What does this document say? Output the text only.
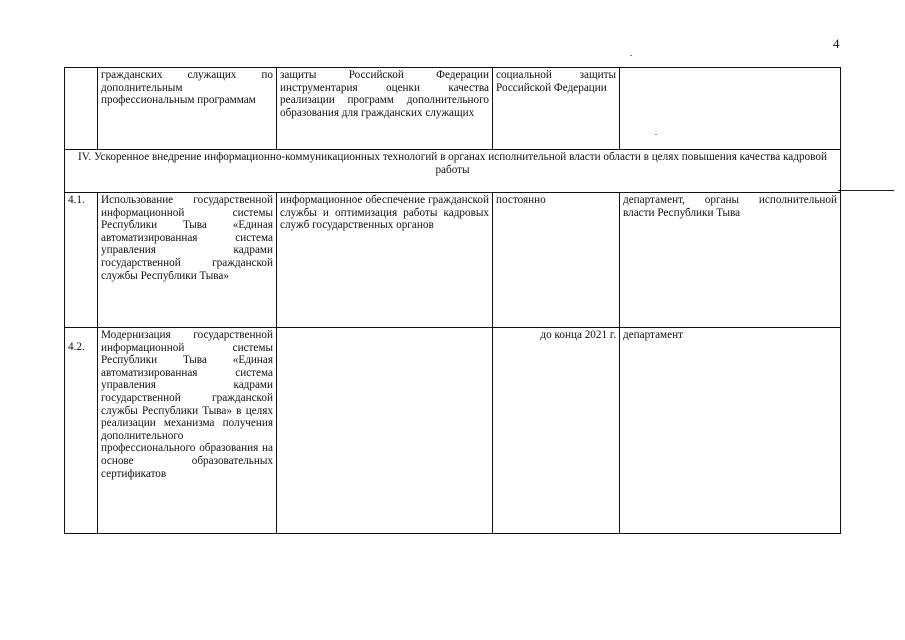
4
	гражданских служащих по дополнительным профессиональным программам	защиты Российской Федерации инструментария оценки качества реализации программ дополнительного образования для гражданских служащих	социальной защиты Российской Федерации	
IV. Ускоренное внедрение информационно-коммуникационных технологий в органах исполнительной власти области в целях повышения качества кадровой работы				
4.1.	Использование государственной информационной системы Республики Тыва «Единая автоматизированная система управления кадрами государственной гражданской службы Республики Тыва»	информационное обеспечение гражданской службы и оптимизация работы кадровых служб государственных органов	постоянно	департамент, органы исполнительной власти Республики Тыва

4.2.	Модернизация государственной информационной системы Республики Тыва «Единая автоматизированная система управления кадрами государственной гражданской службы Республики Тыва» в целях реализации механизма получения дополнительного профессионального образования на основе образовательных сертификатов		до конца 2021 г.	департамент
